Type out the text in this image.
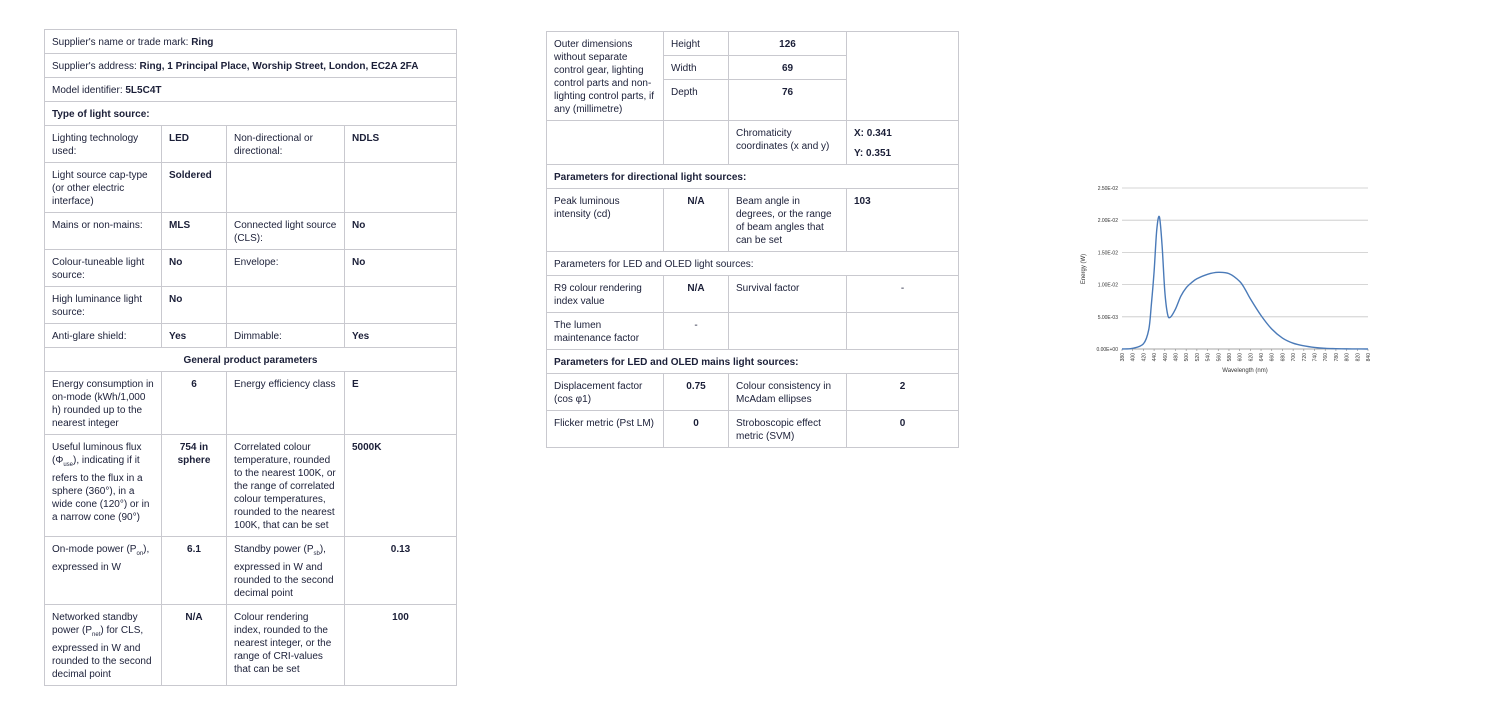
Supplier's name or trade mark: Ring			
Supplier's address: Ring, 1 Principal Place, Worship Street, London, EC2A 2FA			
Model identifier: 5L5C4T			
Type of light source:			
Lighting technology used:	LED	Non-directional or directional:	NDLS
Light source cap-type (or other electric interface)	Soldered		
Mains or non-mains:	MLS	Connected light source (CLS):	No
Colour-tuneable light source:	No	Envelope:	No
High luminance light source:	No		
Anti-glare shield:	Yes	Dimmable:	Yes
General product parameters			
Energy consumption in on-mode (kWh/1,000 h) rounded up to the nearest integer	6	Energy efficiency class	E
Useful luminous flux $(\Phi_{use})$, indicating if it refers to the flux in a sphere (360°), in a wide cone (120°) or in a narrow cone (90°)	754 in sphere	Correlated colour temperature, rounded to the nearest 100K, or the range of correlated colour temperatures, rounded to the nearest 100K, that can be set	5000K
On-mode power $(P_{on})$, expressed in W	6.1	Standby power $(P_{sb})$, expressed in W and rounded to the second decimal point	0.13
Networked standby power $(P_{net})$ for CLS, expressed in W and rounded to the second decimal point	N/A	Colour rendering index, rounded to the nearest integer, or the range of CRI-values that can be set	100
Outer dimensions without separate control gear, lighting control parts and non-lighting control parts, if any (millimetre)	Height	126	
	Width	69	
	Depth	76	
		Chromaticity coordinates (x and y)	X: 0.341
Y: 0.351

Parameters for directional light sources:			
Peak luminous intensity (cd)	N/A	Beam angle in degrees, or the range of beam angles that can be set	103
Parameters for LED and OLED light sources:			
R9 colour rendering index value	N/A	Survival factor	-
The lumen maintenance factor	-		
Parameters for LED and OLED mains light sources:			
Displacement factor (cos φ1)	0.75	Colour consistency in McAdam ellipses	2
Flicker metric (Pst LM)	0	Stroboscopic effect metric (SVM)	0
0.00E+00
5.00E-03
1.00E-02
1.50E-02
2.00E-02
2.50E-02
380 400 420 440 460 480 500 520 540 560 580 600 620 640 660 680 700 720 740 760 780 800 820 840
Wavelength (nm)
Energy (W)
